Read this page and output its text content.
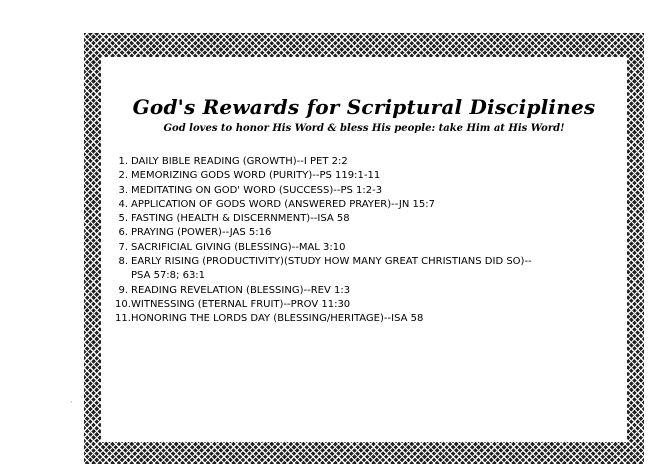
God's Rewards for Scriptural Disciplines
God loves to honor His Word & bless His people: take Him at His Word!
1. DAILY BIBLE READING (GROWTH)--I PET 2:2
2. MEMORIZING GODS WORD (PURITY)--PS 119:1-11
3. MEDITATING ON GOD' WORD (SUCCESS)--PS 1:2-3
4. APPLICATION OF GODS WORD (ANSWERED PRAYER)--JN 15:7
5. FASTING (HEALTH & DISCERNMENT)--ISA 58
6. PRAYING (POWER)--JAS 5:16
7. SACRIFICIAL GIVING (BLESSING)--MAL 3:10
8. EARLY RISING (PRODUCTIVITY)(STUDY HOW MANY GREAT CHRISTIANS DID SO)--
PSA 57:8; 63:1
9. READING REVELATION (BLESSING)--REV 1:3
10. WITNESSING (ETERNAL FRUIT)--PROV 11:30
11. HONORING THE LORDS DAY (BLESSING/HERITAGE)--ISA 58
'	'
·
